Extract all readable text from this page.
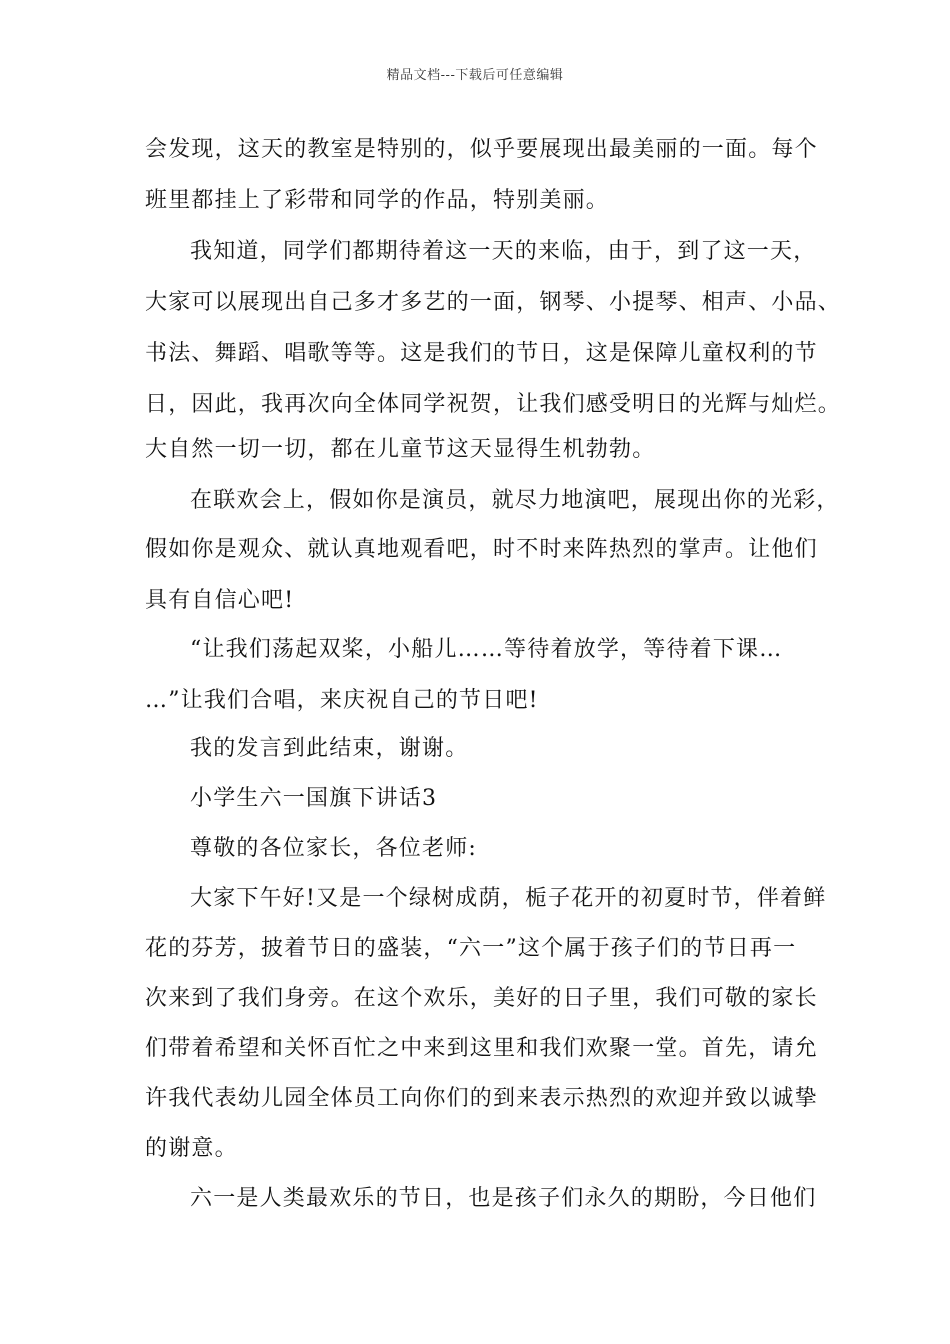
精品文档---下载后可任意编辑
会发现，这天的教室是特别的，似乎要展现出最美丽的一面。每个
班里都挂上了彩带和同学的作品，特别美丽。
我知道，同学们都期待着这一天的来临，由于，到了这一天，
大家可以展现出自己多才多艺的一面，钢琴、小提琴、相声、小品、
书法、舞蹈、唱歌等等。这是我们的节日，这是保障儿童权利的节
日，因此，我再次向全体同学祝贺，让我们感受明日的光辉与灿烂。
大自然一切一切，都在儿童节这天显得生机勃勃。
在联欢会上，假如你是演员，就尽力地演吧，展现出你的光彩，
假如你是观众、就认真地观看吧，时不时来阵热烈的掌声。让他们
具有自信心吧!
“让我们荡起双桨，小船儿……等待着放学，等待着下课…
…”让我们合唱，来庆祝自己的节日吧!
我的发言到此结束，谢谢。
小学生六一国旗下讲话3
尊敬的各位家长，各位老师:
大家下午好!又是一个绿树成荫，栀子花开的初夏时节，伴着鲜
花的芬芳，披着节日的盛装，“六一”这个属于孩子们的节日再一
次来到了我们身旁。在这个欢乐，美好的日子里，我们可敬的家长
们带着希望和关怀百忙之中来到这里和我们欢聚一堂。首先，请允
许我代表幼儿园全体员工向你们的到来表示热烈的欢迎并致以诚挚
的谢意。
六一是人类最欢乐的节日，也是孩子们永久的期盼，今日他们
